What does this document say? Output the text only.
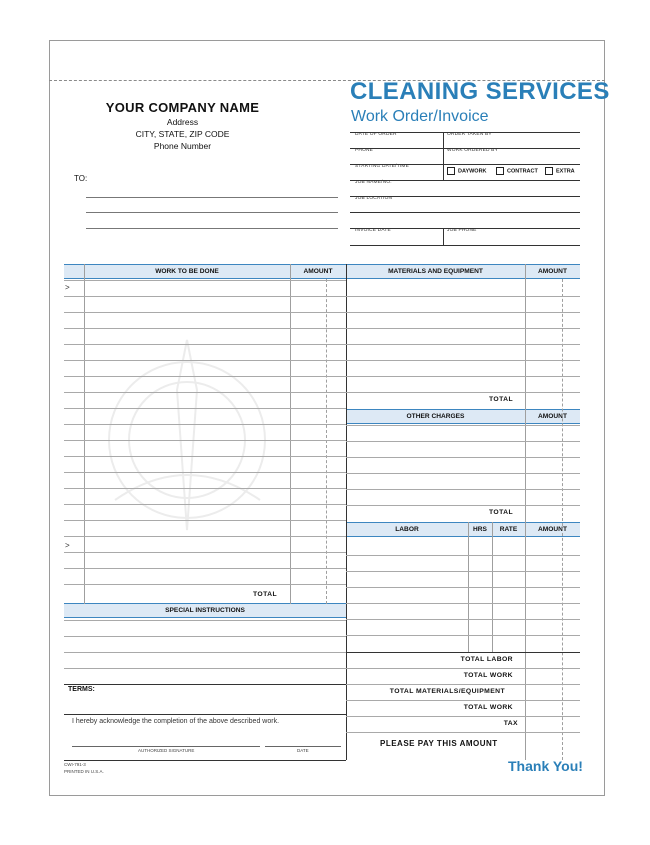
YOUR COMPANY NAME
Address
CITY, STATE, ZIP CODE
Phone Number
TO:
CLEANING SERVICES
Work Order/Invoice
DATE OF ORDER	ORDER TAKEN BY
PHONE	WORK ORDERED BY
STARTING DATE/TIME
JOB NAME/NO.
JOB LOCATION
INVOICE DATE	JOB PHONE
DAYWORK	CONTRACT	EXTRA
WORK TO BE DONE	AMOUNT	MATERIALS AND EQUIPMENT	AMOUNT
OTHER CHARGES	AMOUNT
LABOR	HRS	RATE	AMOUNT
SPECIAL INSTRUCTIONS
>
>
TOTAL
TERMS:
I hereby acknowledge the completion of the above described work.
AUTHORIZED SIGNATURE	DATE
TOTAL
TOTAL
TOTAL LABOR
TOTAL WORK
TOTAL MATERIALS/EQUIPMENT
TOTAL WORK
TAX
PLEASE PAY THIS AMOUNT
CWI-791-3
PRINTED IN U.S.A.	Thank You!
